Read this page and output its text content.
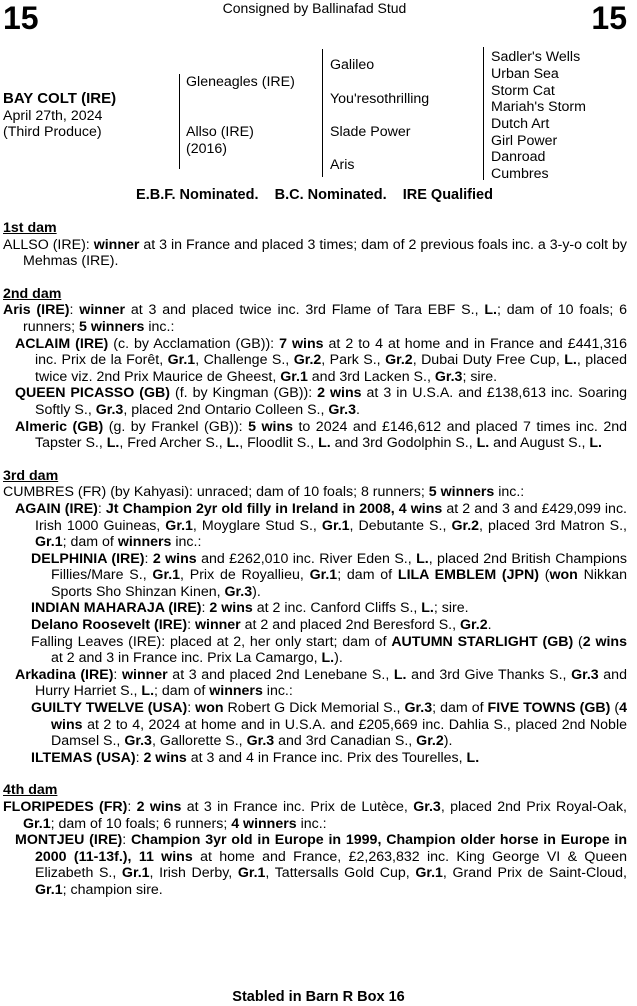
15	15
Consigned by Ballinafad Stud
BAY COLT (IRE)
April 27th, 2024
(Third Produce)
Gleneagles (IRE)
Allso (IRE)
(2016)
Galileo
You'resothrilling
Slade Power
Aris
Sadler's Wells
Urban Sea
Storm Cat
Mariah's Storm
Dutch Art
Girl Power
Danroad
Cumbres
E.B.F. Nominated.    B.C. Nominated.    IRE Qualified
1st dam
ALLSO (IRE): winner at 3 in France and placed 3 times; dam of 2 previous foals inc. a 3-y-o colt by Mehmas (IRE).
2nd dam
Aris (IRE): winner at 3 and placed twice inc. 3rd Flame of Tara EBF S., L.; dam of 10 foals; 6 runners; 5 winners inc.:
ACLAIM (IRE) (c. by Acclamation (GB)): 7 wins at 2 to 4 at home and in France and £441,316 inc. Prix de la Forêt, Gr.1, Challenge S., Gr.2, Park S., Gr.2, Dubai Duty Free Cup, L., placed twice viz. 2nd Prix Maurice de Gheest, Gr.1 and 3rd Lacken S., Gr.3; sire.
QUEEN PICASSO (GB) (f. by Kingman (GB)): 2 wins at 3 in U.S.A. and £138,613 inc. Soaring Softly S., Gr.3, placed 2nd Ontario Colleen S., Gr.3.
Almeric (GB) (g. by Frankel (GB)): 5 wins to 2024 and £146,612 and placed 7 times inc. 2nd Tapster S., L., Fred Archer S., L., Floodlit S., L. and 3rd Godolphin S., L. and August S., L.
3rd dam
CUMBRES (FR) (by Kahyasi): unraced; dam of 10 foals; 8 runners; 5 winners inc.:
AGAIN (IRE): Jt Champion 2yr old filly in Ireland in 2008, 4 wins at 2 and 3 and £429,099 inc. Irish 1000 Guineas, Gr.1, Moyglare Stud S., Gr.1, Debutante S., Gr.2, placed 3rd Matron S., Gr.1; dam of winners inc.:
DELPHINIA (IRE): 2 wins and £262,010 inc. River Eden S., L., placed 2nd British Champions Fillies/Mare S., Gr.1, Prix de Royallieu, Gr.1; dam of LILA EMBLEM (JPN) (won Nikkan Sports Sho Shinzan Kinen, Gr.3).
INDIAN MAHARAJA (IRE): 2 wins at 2 inc. Canford Cliffs S., L.; sire.
Delano Roosevelt (IRE): winner at 2 and placed 2nd Beresford S., Gr.2.
Falling Leaves (IRE): placed at 2, her only start; dam of AUTUMN STARLIGHT (GB) (2 wins at 2 and 3 in France inc. Prix La Camargo, L.).
Arkadina (IRE): winner at 3 and placed 2nd Lenebane S., L. and 3rd Give Thanks S., Gr.3 and Hurry Harriet S., L.; dam of winners inc.:
GUILTY TWELVE (USA): won Robert G Dick Memorial S., Gr.3; dam of FIVE TOWNS (GB) (4 wins at 2 to 4, 2024 at home and in U.S.A. and £205,669 inc. Dahlia S., placed 2nd Noble Damsel S., Gr.3, Gallorette S., Gr.3 and 3rd Canadian S., Gr.2).
ILTEMAS (USA): 2 wins at 3 and 4 in France inc. Prix des Tourelles, L.
4th dam
FLORIPEDES (FR): 2 wins at 3 in France inc. Prix de Lutèce, Gr.3, placed 2nd Prix Royal-Oak, Gr.1; dam of 10 foals; 6 runners; 4 winners inc.:
MONTJEU (IRE): Champion 3yr old in Europe in 1999, Champion older horse in Europe in 2000 (11-13f.), 11 wins at home and France, £2,263,832 inc. King George VI & Queen Elizabeth S., Gr.1, Irish Derby, Gr.1, Tattersalls Gold Cup, Gr.1, Grand Prix de Saint-Cloud, Gr.1; champion sire.
Stabled in Barn R Box 16
